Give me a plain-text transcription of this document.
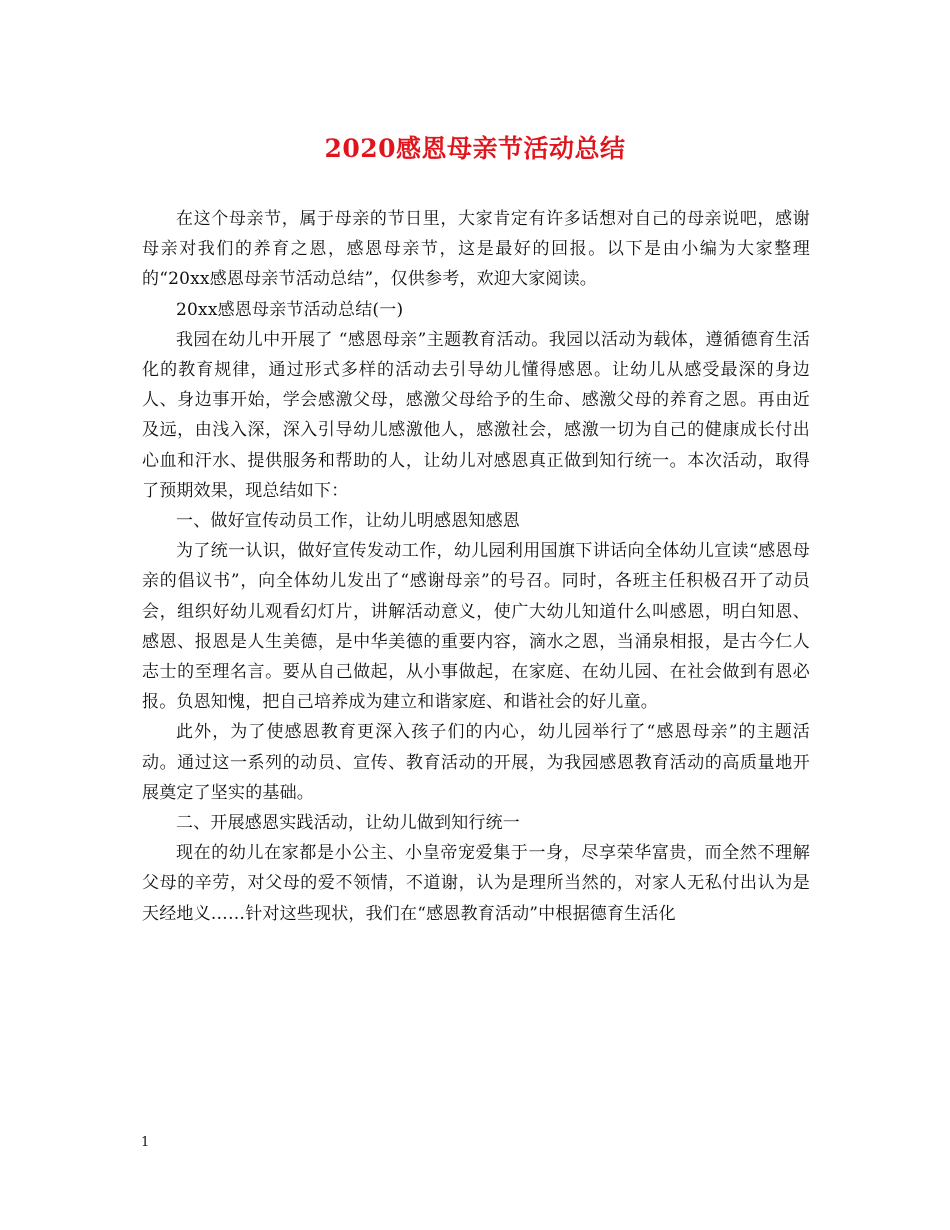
2020感恩母亲节活动总结

在这个母亲节，属于母亲的节日里，大家肯定有许多话想对自己的母亲说吧，感谢母亲对我们的养育之恩，感恩母亲节，这是最好的回报。以下是由小编为大家整理的“20xx感恩母亲节活动总结”，仅供参考，欢迎大家阅读。

20xx感恩母亲节活动总结(一)

我园在幼儿中开展了 “感恩母亲”主题教育活动。我园以活动为载体，遵循德育生活化的教育规律，通过形式多样的活动去引导幼儿懂得感恩。让幼儿从感受最深的身边人、身边事开始，学会感激父母，感激父母给予的生命、感激父母的养育之恩。再由近及远，由浅入深，深入引导幼儿感激他人，感激社会，感激一切为自己的健康成长付出心血和汗水、提供服务和帮助的人，让幼儿对感恩真正做到知行统一。本次活动，取得了预期效果，现总结如下：

一、做好宣传动员工作，让幼儿明感恩知感恩

为了统一认识，做好宣传发动工作，幼儿园利用国旗下讲话向全体幼儿宣读“感恩母亲的倡议书”，向全体幼儿发出了“感谢母亲”的号召。同时，各班主任积极召开了动员会，组织好幼儿观看幻灯片，讲解活动意义，使广大幼儿知道什么叫感恩，明白知恩、感恩、报恩是人生美德，是中华美德的重要内容，滴水之恩，当涌泉相报，是古今仁人志士的至理名言。要从自己做起，从小事做起，在家庭、在幼儿园、在社会做到有恩必报。负恩知愧，把自己培养成为建立和谐家庭、和谐社会的好儿童。

此外，为了使感恩教育更深入孩子们的内心，幼儿园举行了“感恩母亲”的主题活动。通过这一系列的动员、宣传、教育活动的开展，为我园感恩教育活动的高质量地开展奠定了坚实的基础。

二、开展感恩实践活动，让幼儿做到知行统一

现在的幼儿在家都是小公主、小皇帝宠爱集于一身，尽享荣华富贵，而全然不理解父母的辛劳，对父母的爱不领情，不道谢，认为是理所当然的，对家人无私付出认为是天经地义……针对这些现状，我们在“感恩教育活动”中根据德育生活化

1
